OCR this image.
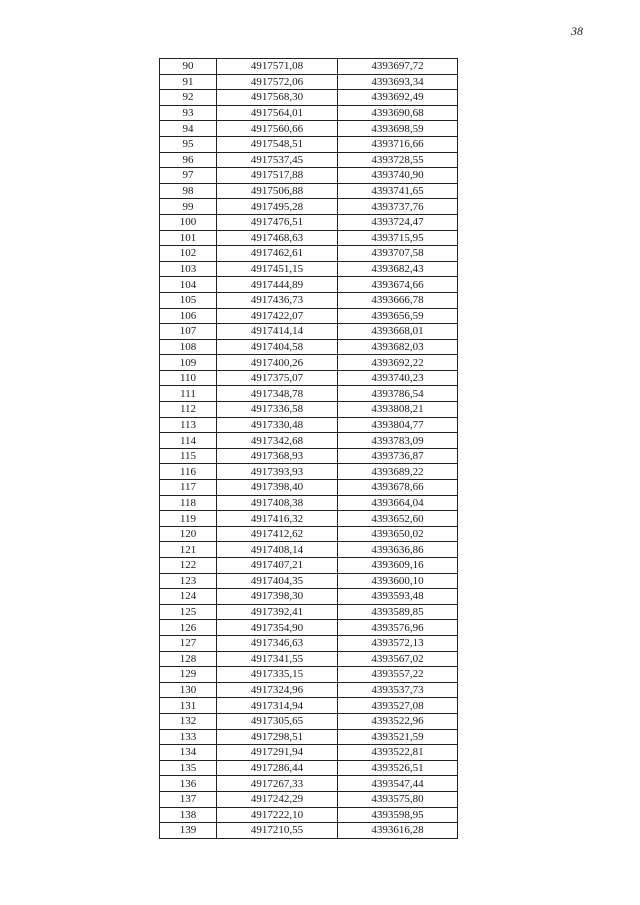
38
90	4917571,08	4393697,72
91	4917572,06	4393693,34
92	4917568,30	4393692,49
93	4917564,01	4393690,68
94	4917560,66	4393698,59
95	4917548,51	4393716,66
96	4917537,45	4393728,55
97	4917517,88	4393740,90
98	4917506,88	4393741,65
99	4917495,28	4393737,76
100	4917476,51	4393724,47
101	4917468,63	4393715,95
102	4917462,61	4393707,58
103	4917451,15	4393682,43
104	4917444,89	4393674,66
105	4917436,73	4393666,78
106	4917422,07	4393656,59
107	4917414,14	4393668,01
108	4917404,58	4393682,03
109	4917400,26	4393692,22
110	4917375,07	4393740,23
111	4917348,78	4393786,54
112	4917336,58	4393808,21
113	4917330,48	4393804,77
114	4917342,68	4393783,09
115	4917368,93	4393736,87
116	4917393,93	4393689,22
117	4917398,40	4393678,66
118	4917408,38	4393664,04
119	4917416,32	4393652,60
120	4917412,62	4393650,02
121	4917408,14	4393636,86
122	4917407,21	4393609,16
123	4917404,35	4393600,10
124	4917398,30	4393593,48
125	4917392,41	4393589,85
126	4917354,90	4393576,96
127	4917346,63	4393572,13
128	4917341,55	4393567,02
129	4917335,15	4393557,22
130	4917324,96	4393537,73
131	4917314,94	4393527,08
132	4917305,65	4393522,96
133	4917298,51	4393521,59
134	4917291,94	4393522,81
135	4917286,44	4393526,51
136	4917267,33	4393547,44
137	4917242,29	4393575,80
138	4917222,10	4393598,95
139	4917210,55	4393616,28
